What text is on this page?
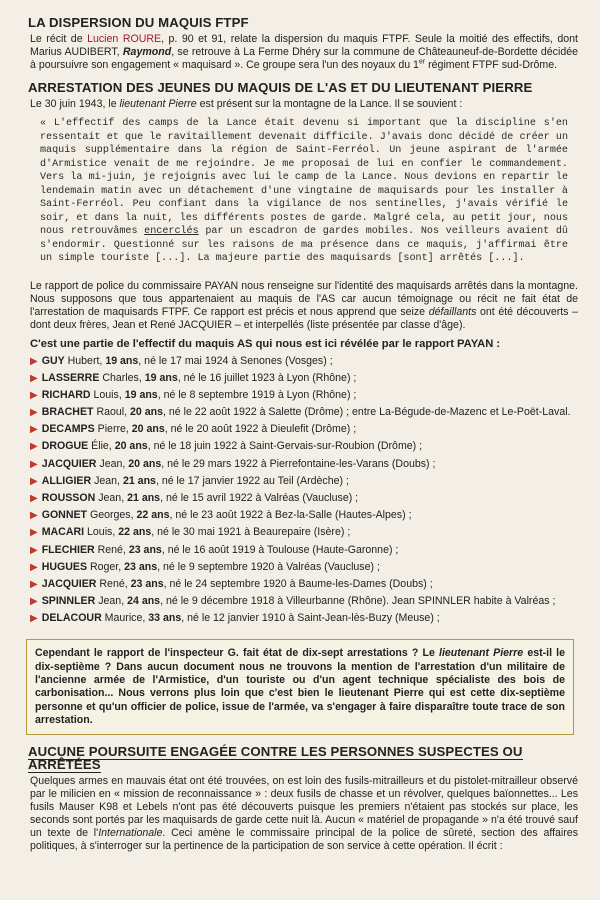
LA DISPERSION DU MAQUIS FTPF

Le récit de Lucien ROURE, p. 90 et 91, relate la dispersion du maquis FTPF. Seule la moitié des effectifs, dont Marius AUDIBERT, Raymond, se retrouve à La Ferme Dhéry sur la commune de Châteauneuf-de-Bordette décidée à poursuivre son engagement « maquisard ». Ce groupe sera l'un des noyaux du 1er régiment FTPF sud-Drôme.

ARRESTATION DES JEUNES DU MAQUIS DE L'AS ET DU LIEUTENANT PIERRE

Le 30 juin 1943, le lieutenant Pierre est présent sur la montagne de la Lance. Il se souvient :

« L'effectif des camps de la Lance était devenu si important que la discipline s'en ressentait et que le ravitaillement devenait difficile. J'avais donc décidé de créer un maquis supplémentaire dans la région de Saint-Ferréol. Un jeune aspirant de l'armée d'Armistice venait de me rejoindre. Je me proposai de lui en confier le commandement. Vers la mi-juin, je rejoignis avec lui le camp de la Lance. Nous devions en repartir le lendemain matin avec un détachement d'une vingtaine de maquisards pour les installer à Saint-Ferréol. Peu confiant dans la vigilance de nos sentinelles, j'avais vérifié le soir, et dans la nuit, les différents postes de garde. Malgré cela, au petit jour, nous nous retrouvâmes encerclés par un escadron de gardes mobiles. Nos veilleurs avaient dû s'endormir. Questionné sur les raisons de ma présence dans ce maquis, j'affirmai être un simple touriste [...]. La majeure partie des maquisards [sont] arrêtés [...].

Le rapport de police du commissaire PAYAN nous renseigne sur l'identité des maquisards arrêtés dans la montagne. Nous supposons que tous appartenaient au maquis de l'AS car aucun témoignage ou récit ne fait état de l'arrestation de maquisards FTPF. Ce rapport est précis et nous apprend que seize défaillants ont été découverts – dont deux frères, Jean et René JACQUIER – et interpellés (liste présentée par classe d'âge).

C'est une partie de l'effectif du maquis AS qui nous est ici révélée par le rapport PAYAN :

▶ GUY Hubert, 19 ans, né le 17 mai 1924 à Senones (Vosges) ;
▶ LASSERRE Charles, 19 ans, né le 16 juillet 1923 à Lyon (Rhône) ;
▶ RICHARD Louis, 19 ans, né le 8 septembre 1919 à Lyon (Rhône) ;
▶ BRACHET Raoul, 20 ans, né le 22 août 1922 à Salette (Drôme) ; entre La-Bégude-de-Mazenc et Le-Poët-Laval.
▶ DECAMPS Pierre, 20 ans, né le 20 août 1922 à Dieulefit (Drôme) ;
▶ DROGUE Élie, 20 ans, né le 18 juin 1922 à Saint-Gervais-sur-Roubion (Drôme) ;
▶ JACQUIER Jean, 20 ans, né le 29 mars 1922 à Pierrefontaine-les-Varans (Doubs) ;
▶ ALLIGIER Jean, 21 ans, né le 17 janvier 1922 au Teil (Ardèche) ;
▶ ROUSSON Jean, 21 ans, né le 15 avril 1922 à Valréas (Vaucluse) ;
▶ GONNET Georges, 22 ans, né le 23 août 1922 à Bez-la-Salle (Hautes-Alpes) ;
▶ MACARI Louis, 22 ans, né le 30 mai 1921 à Beaurepaire (Isère) ;
▶ FLECHIER René, 23 ans, né le 16 août 1919 à Toulouse (Haute-Garonne) ;
▶ HUGUES Roger, 23 ans, né le 9 septembre 1920 à Valréas (Vaucluse) ;
▶ JACQUIER René, 23 ans, né le 24 septembre 1920 à Baume-les-Dames (Doubs) ;
▶ SPINNLER Jean, 24 ans, né le 9 décembre 1918 à Villeurbanne (Rhône). Jean SPINNLER habite à Valréas ;
▶ DELACOUR Maurice, 33 ans, né le 12 janvier 1910 à Saint-Jean-lès-Buzy (Meuse) ;
Cependant le rapport de l'inspecteur G. fait état de dix-sept arrestations ? Le lieutenant Pierre est-il le dix-septième ? Dans aucun document nous ne trouvons la mention de l'arrestation d'un militaire de l'ancienne armée de l'Armistice, d'un touriste ou d'un agent technique spécialiste des bois de carbonisation... Nous verrons plus loin que c'est bien le lieutenant Pierre qui est cette dix-septième personne et qu'un officier de police, issue de l'armée, va s'engager à faire disparaître toute trace de son arrestation.
AUCUNE POURSUITE ENGAGÉE CONTRE LES PERSONNES SUSPECTES OU ARRÊTÉES

Quelques armes en mauvais état ont été trouvées, on est loin des fusils-mitrailleurs et du pistolet-mitrailleur observé par le milicien en « mission de reconnaissance » : deux fusils de chasse et un révolver, quelques baïonnettes... Les fusils Mauser K98 et Lebels n'ont pas été découverts puisque les premiers n'étaient pas stockés sur place, les seconds sont portés par les maquisards de garde cette nuit là. Aucun « matériel de propagande » n'a été trouvé sauf un texte de l'Internationale. Ceci amène le commissaire principal de la police de sûreté, section des affaires politiques, à s'interroger sur la pertinence de la participation de son service à cette opération. Il écrit :
